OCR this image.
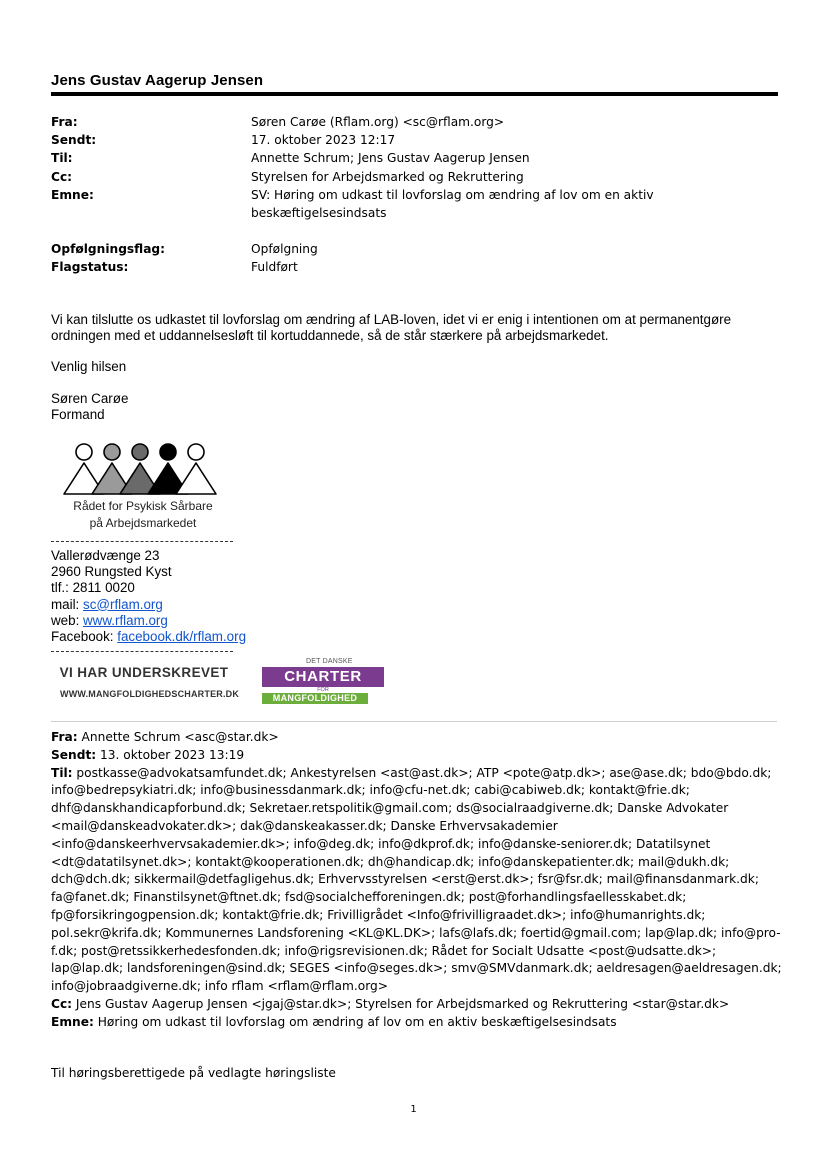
Jens Gustav Aagerup Jensen
Fra:	Søren Carøe (Rflam.org) <sc@rflam.org>
Sendt:	17. oktober 2023 12:17
Til:	Annette Schrum; Jens Gustav Aagerup Jensen
Cc:	Styrelsen for Arbejdsmarked og Rekruttering
Emne:	SV: Høring om udkast til lovforslag om ændring af lov om en aktiv beskæftigelsesindsats
Opfølgningsflag:	Opfølgning
Flagstatus:	Fuldført
Vi kan tilslutte os udkastet til lovforslag om ændring af LAB-loven, idet vi er enig i intentionen om at permanentgøre ordningen med et uddannelsesløft til kortuddannede, så de står stærkere på arbejdsmarkedet.
Venlig hilsen
Søren Carøe
Formand
Rådet for Psykisk Sårbare
på Arbejdsmarkedet
Vallerødvænge 23
2960 Rungsted Kyst
tlf.: 2811 0020
mail: sc@rflam.org
web: www.rflam.org
Facebook: facebook.dk/rflam.org
VI HAR UNDERSKREVET
WWW.MANGFOLDIGHEDSCHARTER.DK
DET DANSKE
CHARTER
FOR
MANGFOLDIGHED
Fra: Annette Schrum <asc@star.dk>
Sendt: 13. oktober 2023 13:19
Til: postkasse@advokatsamfundet.dk; Ankestyrelsen <ast@ast.dk>; ATP <pote@atp.dk>; ase@ase.dk; bdo@bdo.dk; info@bedrepsykiatri.dk; info@businessdanmark.dk; info@cfu-net.dk; cabi@cabiweb.dk; kontakt@frie.dk; dhf@danskhandicapforbund.dk; Sekretaer.retspolitik@gmail.com; ds@socialraadgiverne.dk; Danske Advokater <mail@danskeadvokater.dk>; dak@danskeakasser.dk; Danske Erhvervsakademier <info@danskeerhvervsakademier.dk>; info@deg.dk; info@dkprof.dk; info@danske-seniorer.dk; Datatilsynet <dt@datatilsynet.dk>; kontakt@kooperationen.dk; dh@handicap.dk; info@danskepatienter.dk; mail@dukh.dk; dch@dch.dk; sikkermail@detfagligehus.dk; Erhvervsstyrelsen <erst@erst.dk>; fsr@fsr.dk; mail@finansdanmark.dk; fa@fanet.dk; Finanstilsynet@ftnet.dk; fsd@socialchefforeningen.dk; post@forhandlingsfaellesskabet.dk; fp@forsikringogpension.dk; kontakt@frie.dk; Frivilligrådet <Info@frivilligraadet.dk>; info@humanrights.dk; pol.sekr@krifa.dk; Kommunernes Landsforening <KL@KL.DK>; lafs@lafs.dk; foertid@gmail.com; lap@lap.dk; info@pro-f.dk; post@retssikkerhedesfonden.dk; info@rigsrevisionen.dk; Rådet for Socialt Udsatte <post@udsatte.dk>; lap@lap.dk; landsforeningen@sind.dk; SEGES <info@seges.dk>; smv@SMVdanmark.dk; aeldresagen@aeldresagen.dk; info@jobraadgiverne.dk; info rflam <rflam@rflam.org>
Cc: Jens Gustav Aagerup Jensen <jgaj@star.dk>; Styrelsen for Arbejdsmarked og Rekruttering <star@star.dk>
Emne: Høring om udkast til lovforslag om ændring af lov om en aktiv beskæftigelsesindsats
Til høringsberettigede på vedlagte høringsliste
1
